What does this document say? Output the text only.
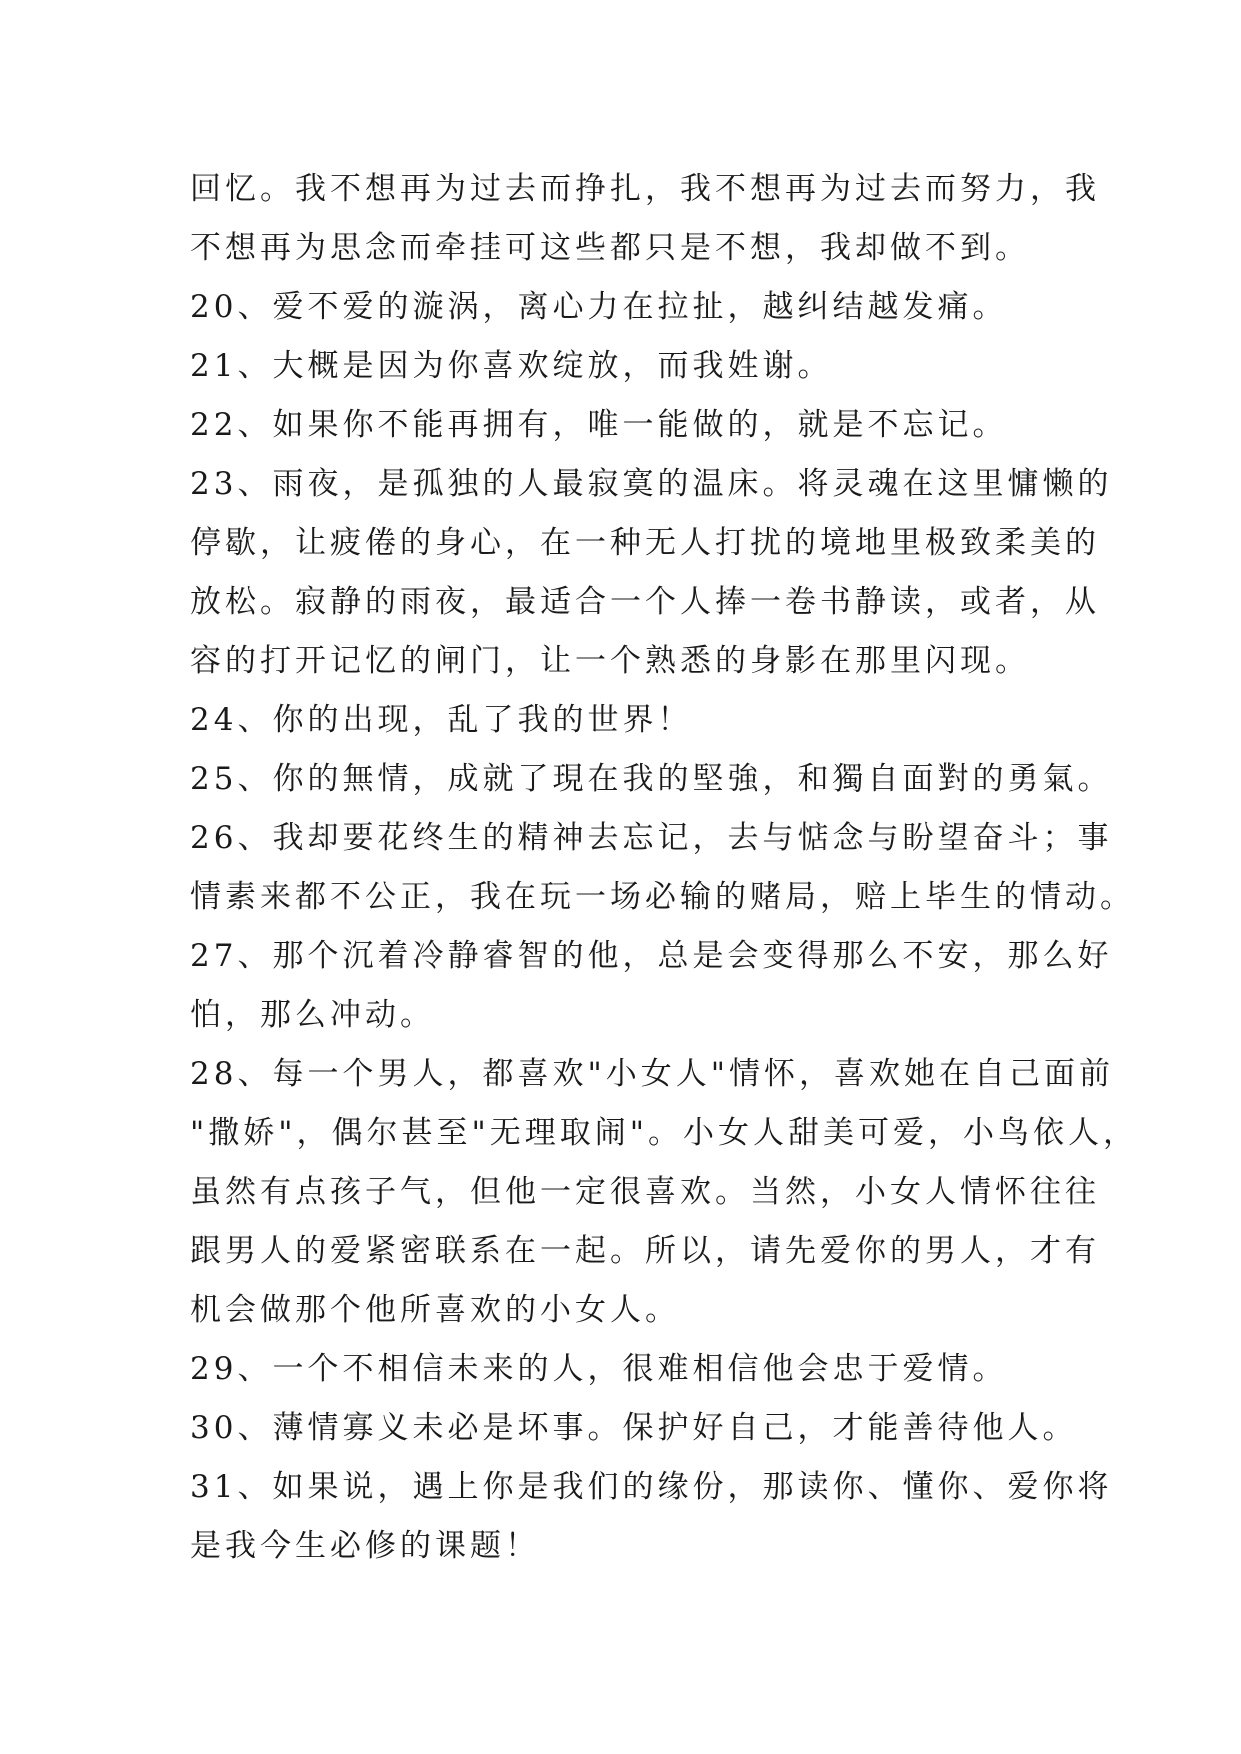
回忆。我不想再为过去而挣扎，我不想再为过去而努力，我
不想再为思念而牵挂可这些都只是不想，我却做不到。
20、爱不爱的漩涡，离心力在拉扯，越纠结越发痛。
21、大概是因为你喜欢绽放，而我姓谢。
22、如果你不能再拥有，唯一能做的，就是不忘记。
23、雨夜，是孤独的人最寂寞的温床。将灵魂在这里慵懒的
停歇，让疲倦的身心，在一种无人打扰的境地里极致柔美的
放松。寂静的雨夜，最适合一个人捧一卷书静读，或者，从
容的打开记忆的闸门，让一个熟悉的身影在那里闪现。
24、你的出现，乱了我的世界！
25、你的無情，成就了現在我的堅強，和獨自面對的勇氣。
26、我却要花终生的精神去忘记，去与惦念与盼望奋斗；事
情素来都不公正，我在玩一场必输的赌局，赔上毕生的情动。
27、那个沉着冷静睿智的他，总是会变得那么不安，那么好
怕，那么冲动。
28、每一个男人，都喜欢"小女人"情怀，喜欢她在自己面前
"撒娇"，偶尔甚至"无理取闹"。小女人甜美可爱，小鸟依人，
虽然有点孩子气，但他一定很喜欢。当然，小女人情怀往往
跟男人的爱紧密联系在一起。所以，请先爱你的男人，才有
机会做那个他所喜欢的小女人。
29、一个不相信未来的人，很难相信他会忠于爱情。
30、薄情寡义未必是坏事。保护好自己，才能善待他人。
31、如果说，遇上你是我们的缘份，那读你、懂你、爱你将
是我今生必修的课题！
